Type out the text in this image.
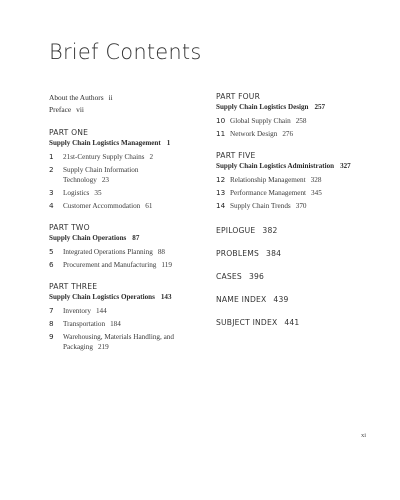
Brief Contents
About the Authors ii
Preface vii
PART ONE
Supply Chain Logistics Management 1
1	21st-Century Supply Chains 2
2	Supply Chain Information Technology 23
3	Logistics 35
4	Customer Accommodation 61
PART TWO
Supply Chain Operations 87
5	Integrated Operations Planning 88
6	Procurement and Manufacturing 119
PART THREE
Supply Chain Logistics Operations 143
7	Inventory 144
8	Transportation 184
9	Warehousing, Materials Handling, and Packaging 219
PART FOUR
Supply Chain Logistics Design 257
10 Global Supply Chain 258
11 Network Design 276
PART FIVE
Supply Chain Logistics Administration 327
12 Relationship Management 328
13 Performance Management 345
14 Supply Chain Trends 370
EPILOGUE 382
PROBLEMS 384
CASES 396
NAME INDEX 439
SUBJECT INDEX 441
xi
